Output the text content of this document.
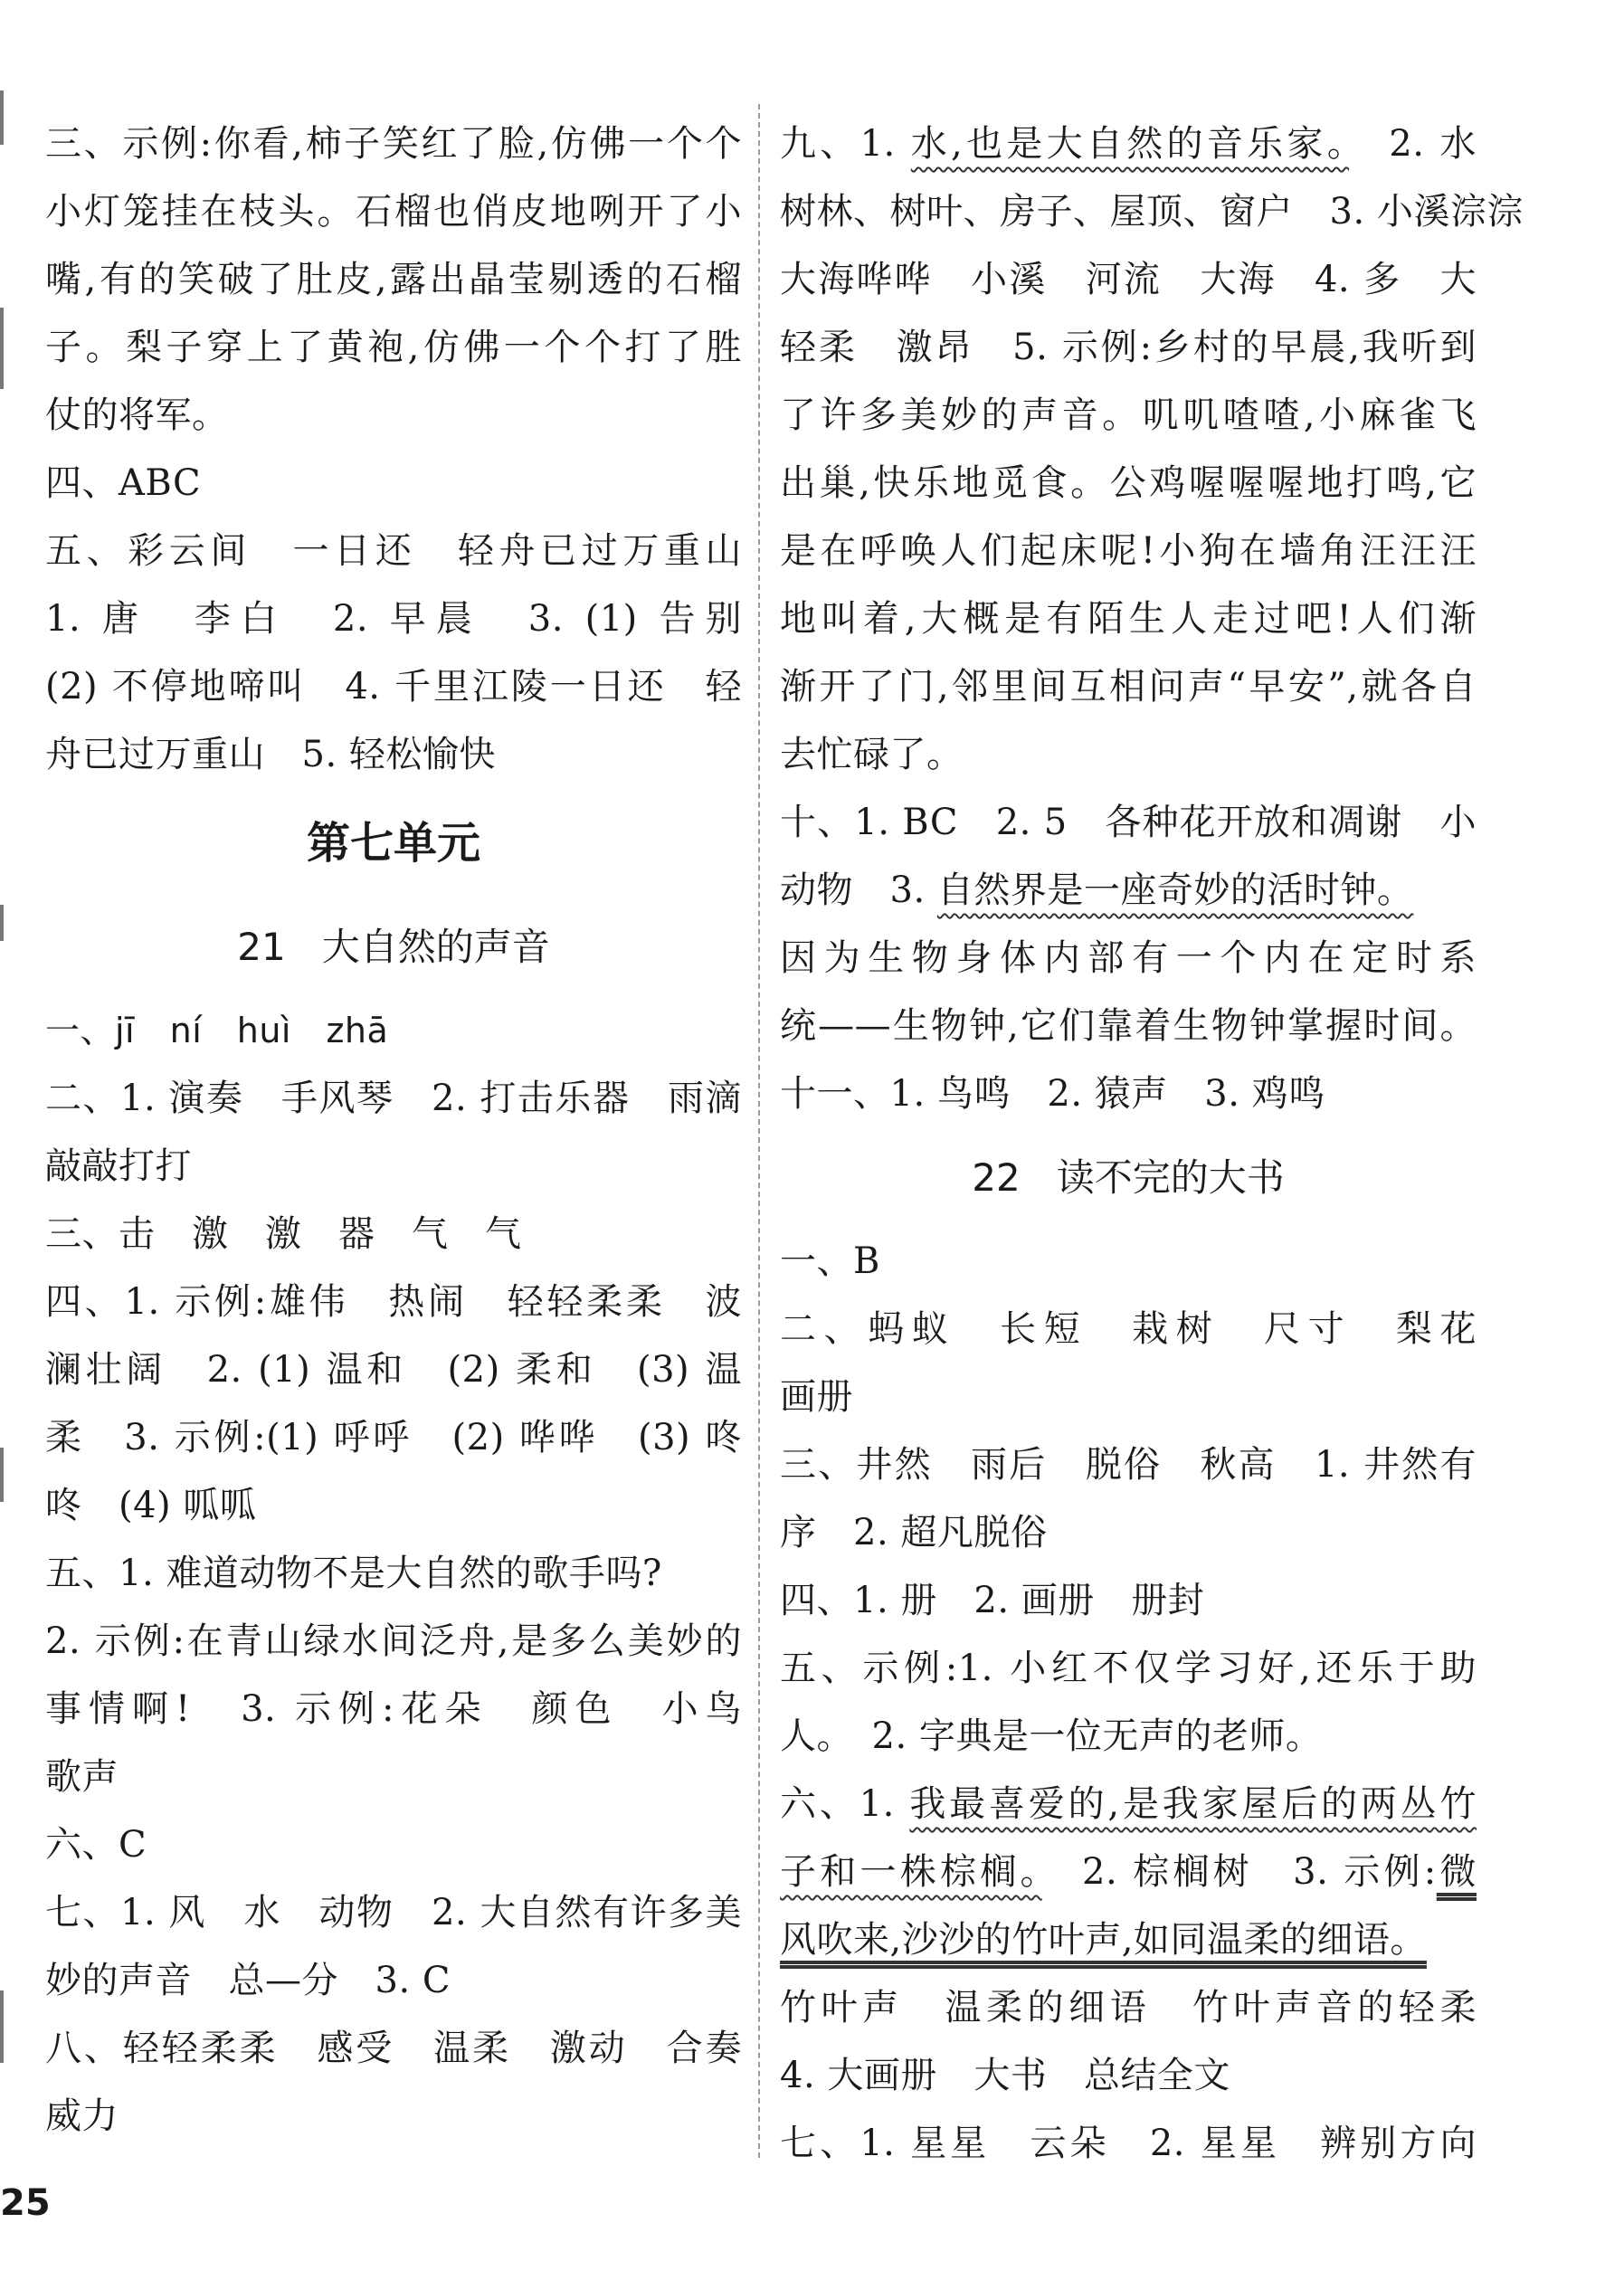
三、示例:你看,柿子笑红了脸,仿佛一个个
小灯笼挂在枝头。石榴也俏皮地咧开了小
嘴,有的笑破了肚皮,露出晶莹剔透的石榴
子。梨子穿上了黄袍,仿佛一个个打了胜
仗的将军。
四、ABC
五、彩云间　一日还　轻舟已过万重山
1. 唐　李白　2. 早晨　3. (1) 告别
(2) 不停地啼叫　4. 千里江陵一日还　轻
舟已过万重山　5. 轻松愉快
第七单元
21 大自然的声音
一、jī　ní　huì　zhā
二、1. 演奏　手风琴　2. 打击乐器　雨滴
敲敲打打
三、击　激　激　器　气　气
四、1. 示例:雄伟　热闹　轻轻柔柔　波
澜壮阔　2. (1) 温和　(2) 柔和　(3) 温
柔　3. 示例:(1) 呼呼　(2) 哗哗　(3) 咚
咚　(4) 呱呱
五、1. 难道动物不是大自然的歌手吗?
2. 示例:在青山绿水间泛舟,是多么美妙的
事情啊!　3. 示例:花朵　颜色　小鸟
歌声
六、C
七、1. 风　水　动物　2. 大自然有许多美
妙的声音　总—分　3. C
八、轻轻柔柔　感受　温柔　激动　合奏
威力
九、1. 水,也是大自然的音乐家。　2. 水
树林、树叶、房子、屋顶、窗户　3. 小溪淙淙
大海哗哗　小溪　河流　大海　4. 多　大
轻柔　激昂　5. 示例:乡村的早晨,我听到
了许多美妙的声音。叽叽喳喳,小麻雀飞
出巢,快乐地觅食。公鸡喔喔喔地打鸣,它
是在呼唤人们起床呢!小狗在墙角汪汪汪
地叫着,大概是有陌生人走过吧!人们渐
渐开了门,邻里间互相问声“早安”,就各自
去忙碌了。
十、1. BC　2. 5　各种花开放和凋谢　小
动物　3. 自然界是一座奇妙的活时钟。
因为生物身体内部有一个内在定时系
统——生物钟,它们靠着生物钟掌握时间。
十一、1. 鸟鸣　2. 猿声　3. 鸡鸣
22 读不完的大书
一、B
二、蚂蚁　长短　栽树　尺寸　梨花
画册
三、井然　雨后　脱俗　秋高　1. 井然有
序　2. 超凡脱俗
四、1. 册　2. 画册　册封
五、示例:1. 小红不仅学习好,还乐于助
人。　2. 字典是一位无声的老师。
六、1. 我最喜爱的,是我家屋后的两丛竹
子和一株棕榈。　2. 棕榈树　3. 示例:微
风吹来,沙沙的竹叶声,如同温柔的细语。
竹叶声　温柔的细语　竹叶声音的轻柔
4. 大画册　大书　总结全文
七、1. 星星　云朵　2. 星星　辨别方向
25
